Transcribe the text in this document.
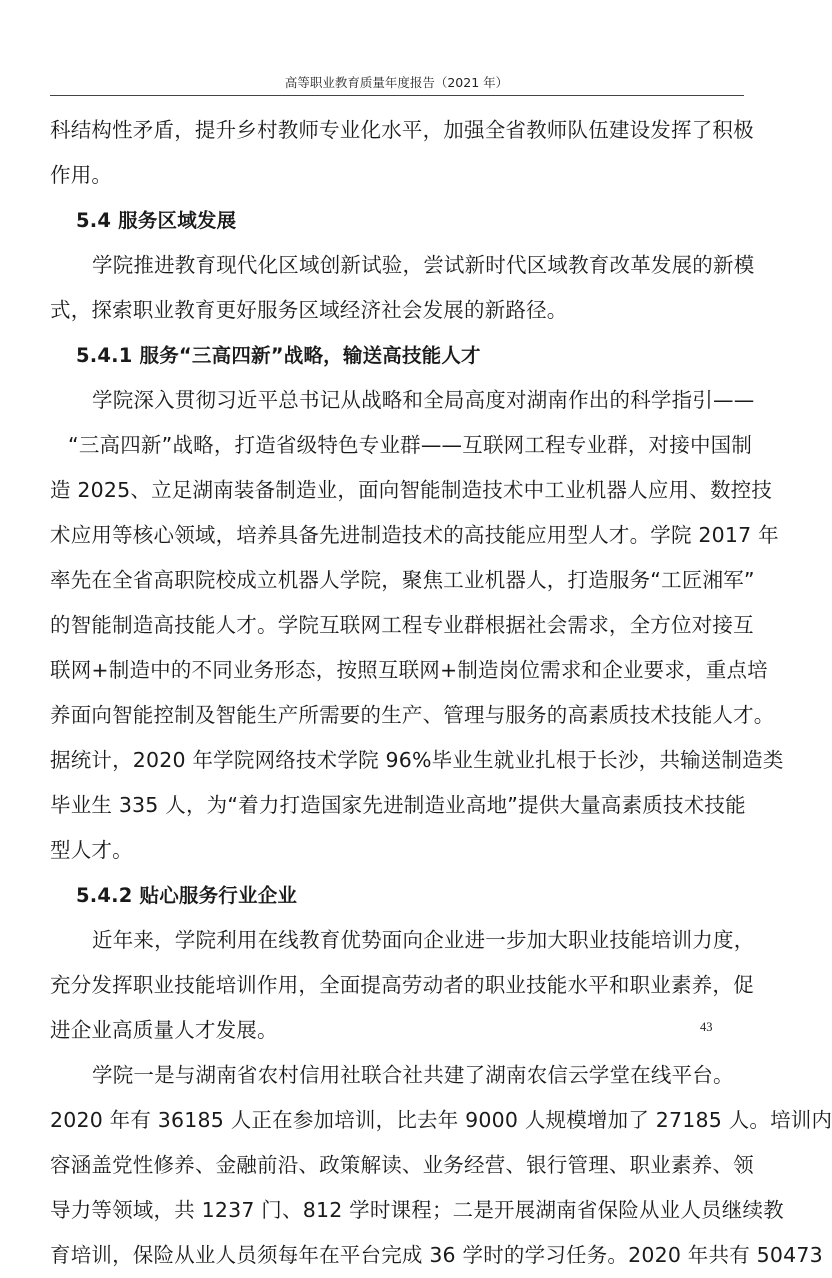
高等职业教育质量年度报告（2021 年）
科结构性矛盾，提升乡村教师专业化水平，加强全省教师队伍建设发挥了积极
作用。
5.4 服务区域发展
学院推进教育现代化区域创新试验，尝试新时代区域教育改革发展的新模
式，探索职业教育更好服务区域经济社会发展的新路径。
5.4.1 服务“三高四新”战略，输送高技能人才
学院深入贯彻习近平总书记从战略和全局高度对湖南作出的科学指引——
“三高四新”战略，打造省级特色专业群——互联网工程专业群，对接中国制
造 2025、立足湖南装备制造业，面向智能制造技术中工业机器人应用、数控技
术应用等核心领域，培养具备先进制造技术的高技能应用型人才。学院 2017 年
率先在全省高职院校成立机器人学院，聚焦工业机器人，打造服务“工匠湘军”
的智能制造高技能人才。学院互联网工程专业群根据社会需求，全方位对接互
联网+制造中的不同业务形态，按照互联网+制造岗位需求和企业要求，重点培
养面向智能控制及智能生产所需要的生产、管理与服务的高素质技术技能人才。
据统计，2020 年学院网络技术学院 96%毕业生就业扎根于长沙，共输送制造类
毕业生 335 人，为“着力打造国家先进制造业高地”提供大量高素质技术技能
型人才。
5.4.2 贴心服务行业企业
近年来，学院利用在线教育优势面向企业进一步加大职业技能培训力度，
充分发挥职业技能培训作用，全面提高劳动者的职业技能水平和职业素养，促
进企业高质量人才发展。
学院一是与湖南省农村信用社联合社共建了湖南农信云学堂在线平台。
2020 年有 36185 人正在参加培训，比去年 9000 人规模增加了 27185 人。培训内
容涵盖党性修养、金融前沿、政策解读、业务经营、银行管理、职业素养、领
导力等领域，共 1237 门、812 学时课程；二是开展湖南省保险从业人员继续教
育培训，保险从业人员须每年在平台完成 36 学时的学习任务。2020 年共有 50473
43
